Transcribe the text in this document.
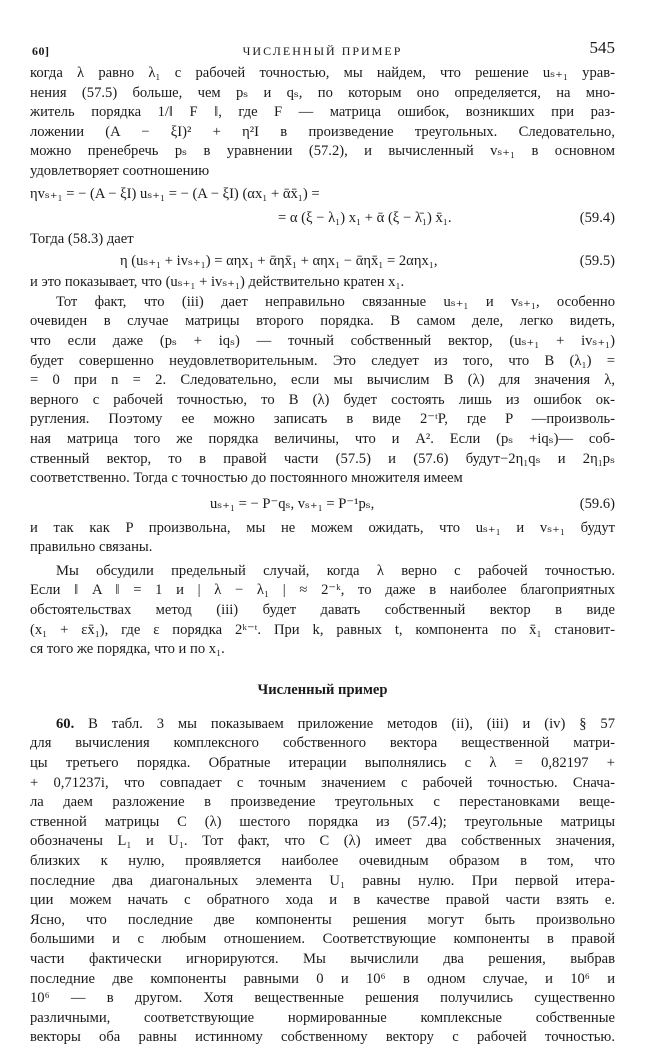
60]	ЧИСЛЕННЫЙ ПРИМЕР	545
когда λ равно λ₁ с рабочей точностью, мы найдем, что решение uₛ₊₁ урав-
нения (57.5) больше, чем pₛ и qₛ, по которым оно определяется, на мно-
житель порядка 1/‖ F ‖, где F — матрица ошибок, возникших при раз-
ложении (A − ξI)² + η²I в произведение треугольных. Следовательно,
можно пренебречь pₛ в уравнении (57.2), и вычисленный vₛ₊₁ в основном
удовлетворяет соотношению
ηvₛ₊₁ = − (A − ξI) uₛ₊₁ = − (A − ξI) (αx₁ + ᾱx̄₁) =
= α (ξ − λ₁) x₁ + ᾱ (ξ − λ̄₁) x̄₁.	(59.4)
Тогда (58.3) дает
η (uₛ₊₁ + ivₛ₊₁) = αηx₁ + ᾱηx̄₁ + αηx₁ − ᾱηx̄₁ = 2αηx₁,	(59.5)
и это показывает, что (uₛ₊₁ + ivₛ₊₁) действительно кратен x₁.
Тот факт, что (iii) дает неправильно связанные uₛ₊₁ и vₛ₊₁, особенно
очевиден в случае матрицы второго порядка. В самом деле, легко видеть,
что если даже (pₛ + iqₛ) — точный собственный вектор, (uₛ₊₁ + ivₛ₊₁)
будет совершенно неудовлетворительным. Это следует из того, что B (λ₁) =
= 0 при n = 2. Следовательно, если мы вычислим B (λ) для значения λ,
верного с рабочей точностью, то B (λ) будет состоять лишь из ошибок ок-
ругления. Поэтому ее можно записать в виде 2⁻ᵗP, где P —произволь-
ная матрица того же порядка величины, что и A². Если (pₛ +iqₛ)— соб-
ственный вектор, то в правой части (57.5) и (57.6) будут−2η₁qₛ и 2η₁pₛ
соответственно. Тогда с точностью до постоянного множителя имеем
uₛ₊₁ = − P⁻qₛ, vₛ₊₁ = P⁻¹pₛ,	(59.6)
и так как P произвольна, мы не можем ожидать, что uₛ₊₁ и vₛ₊₁ будут
правильно связаны.
Мы обсудили предельный случай, когда λ верно с рабочей точностью.
Если ‖ A ‖ = 1 и | λ − λ₁ | ≈ 2⁻ᵏ, то даже в наиболее благоприятных
обстоятельствах метод (iii) будет давать собственный вектор в виде
(x₁ + εx̄₁), где ε порядка 2ᵏ⁻ᵗ. При k, равных t, компонента по x̄₁ становит-
ся того же порядка, что и по x₁.
Численный пример
60. В табл. 3 мы показываем приложение методов (ii), (iii) и (iv) § 57
для вычисления комплексного собственного вектора вещественной матри-
цы третьего порядка. Обратные итерации выполнялись с λ = 0,82197 +
+ 0,71237i, что совпадает с точным значением с рабочей точностью. Снача-
ла даем разложение в произведение треугольных с перестановками веще-
ственной матрицы C (λ) шестого порядка из (57.4); треугольные матрицы
обозначены L₁ и U₁. Тот факт, что C (λ) имеет два собственных значения,
близких к нулю, проявляется наиболее очевидным образом в том, что
последние два диагональных элемента U₁ равны нулю. При первой итера-
ции можем начать с обратного хода и в качестве правой части взять e.
Ясно, что последние две компоненты решения могут быть произвольно
большими и с любым отношением. Соответствующие компоненты в правой
части фактически игнорируются. Мы вычислили два решения, выбрав
последние две компоненты равными 0 и 10⁶ в одном случае, и 10⁶ и
10⁶ — в другом. Хотя вещественные решения получились существенно
различными, соответствующие нормированные комплексные собственные
векторы оба равны истинному собственному вектору с рабочей точностью.
